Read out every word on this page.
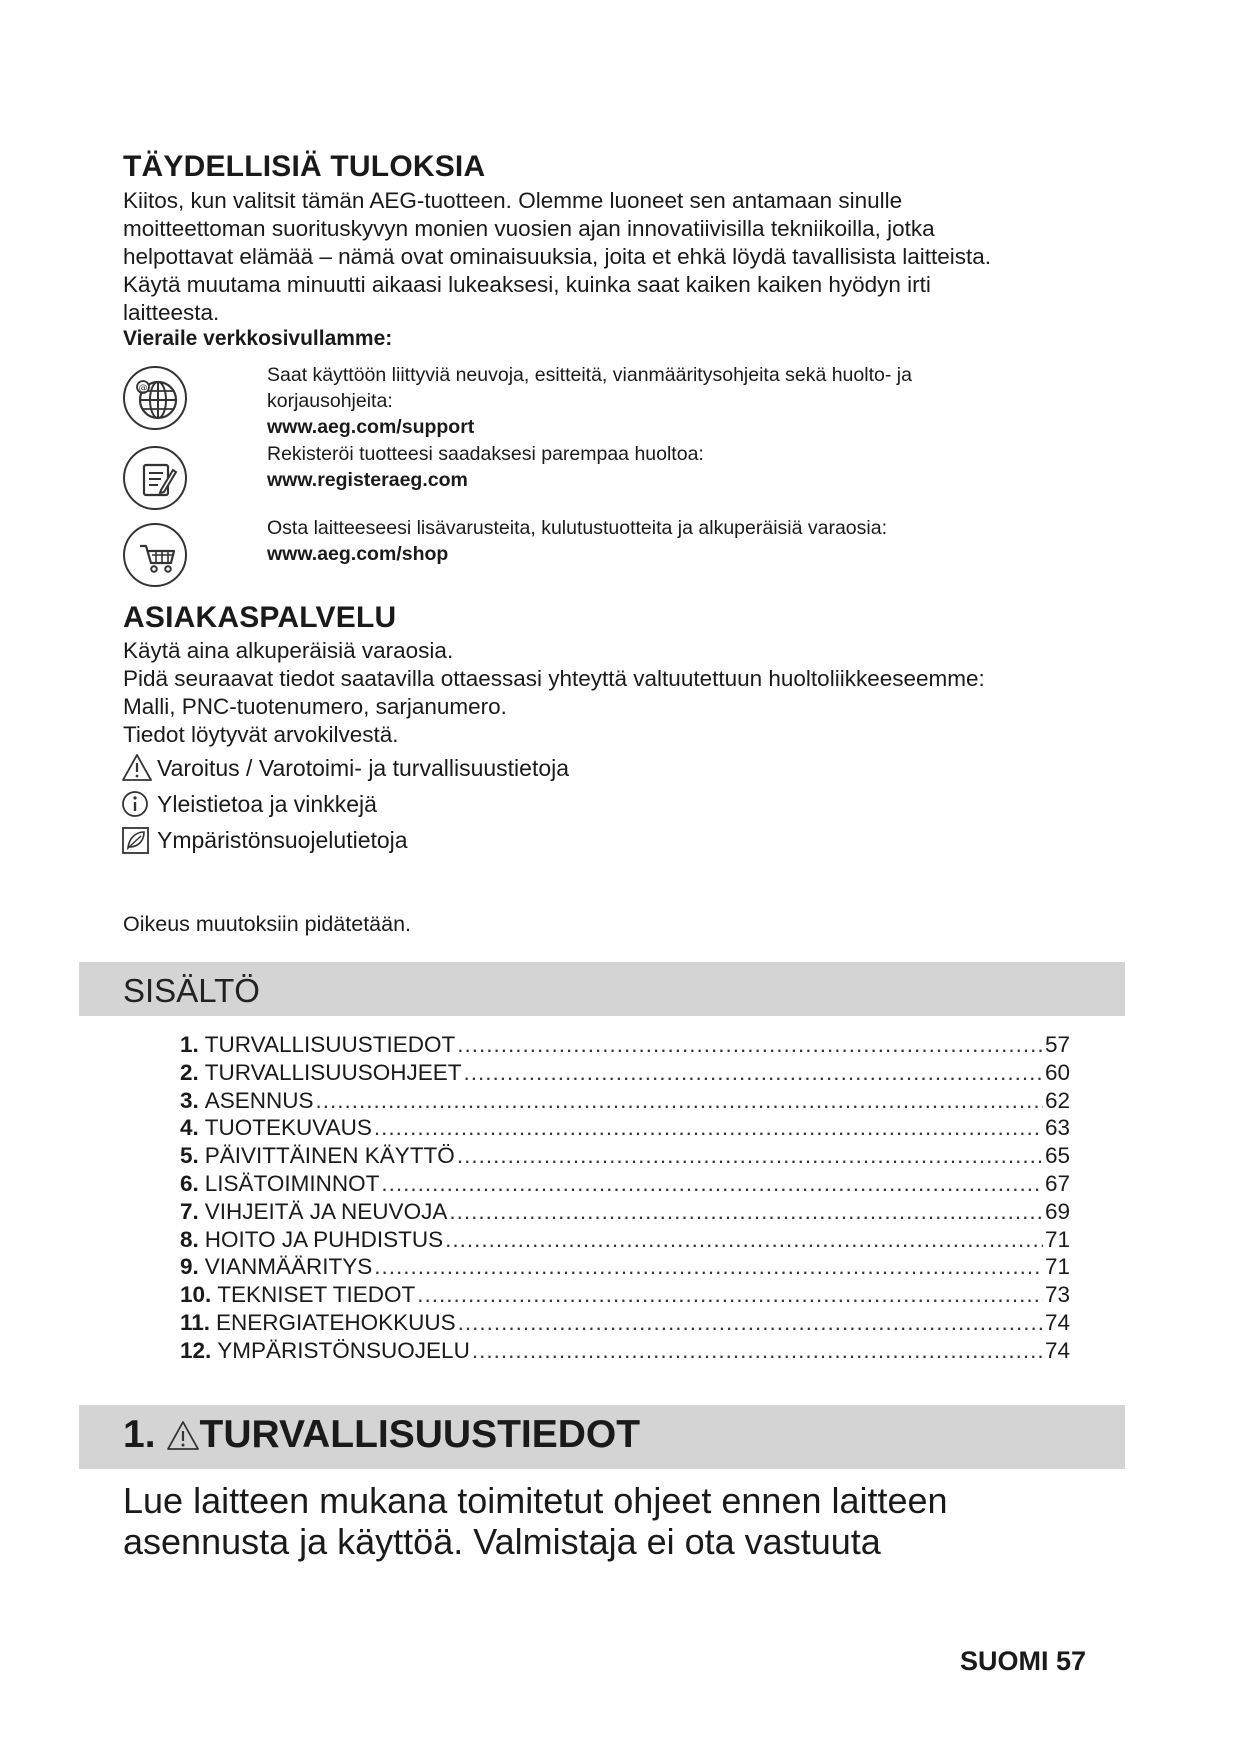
TÄYDELLISIÄ TULOKSIA
Kiitos, kun valitsit tämän AEG-tuotteen. Olemme luoneet sen antamaan sinulle
moitteettoman suorituskyvyn monien vuosien ajan innovatiivisilla tekniikoilla, jotka
helpottavat elämää – nämä ovat ominaisuuksia, joita et ehkä löydä tavallisista laitteista.
Käytä muutama minuutti aikaasi lukeaksesi, kuinka saat kaiken kaiken hyödyn irti
laitteesta.
Vieraile verkkosivullamme:
@
Saat käyttöön liittyviä neuvoja, esitteitä, vianmääritysohjeita sekä huolto- ja
korjausohjeita:
www.aeg.com/support
Rekisteröi tuotteesi saadaksesi parempaa huoltoa:
www.registeraeg.com
Osta laitteeseesi lisävarusteita, kulutustuotteita ja alkuperäisiä varaosia:
www.aeg.com/shop
ASIAKASPALVELU
Käytä aina alkuperäisiä varaosia.
Pidä seuraavat tiedot saatavilla ottaessasi yhteyttä valtuutettuun huoltoliikkeeseemme:
Malli, PNC-tuotenumero, sarjanumero.
Tiedot löytyvät arvokilvestä.
Varoitus / Varotoimi- ja turvallisuustietoja
Yleistietoa ja vinkkejä
Ympäristönsuojelutietoja
Oikeus muutoksiin pidätetään.
SISÄLTÖ
1. TURVALLISUUSTIEDOT .....	57
2. TURVALLISUUSOHJEET .....	60
3. ASENNUS .....	62
4. TUOTEKUVAUS .....	63
5. PÄIVITTÄINEN KÄYTTÖ .....	65
6. LISÄTOIMINNOT .....	67
7. VIHJEITÄ JA NEUVOJA .....	69
8. HOITO JA PUHDISTUS .....	71
9. VIANMÄÄRITYS .....	71
10. TEKNISET TIEDOT .....	73
11. ENERGIATEHOKKUUS .....	74
12. YMPÄRISTÖNSUOJELU .....	74
1. TURVALLISUUSTIEDOT
Lue laitteen mukana toimitetut ohjeet ennen laitteen
asennusta ja käyttöä. Valmistaja ei ota vastuuta
SUOMI 57
